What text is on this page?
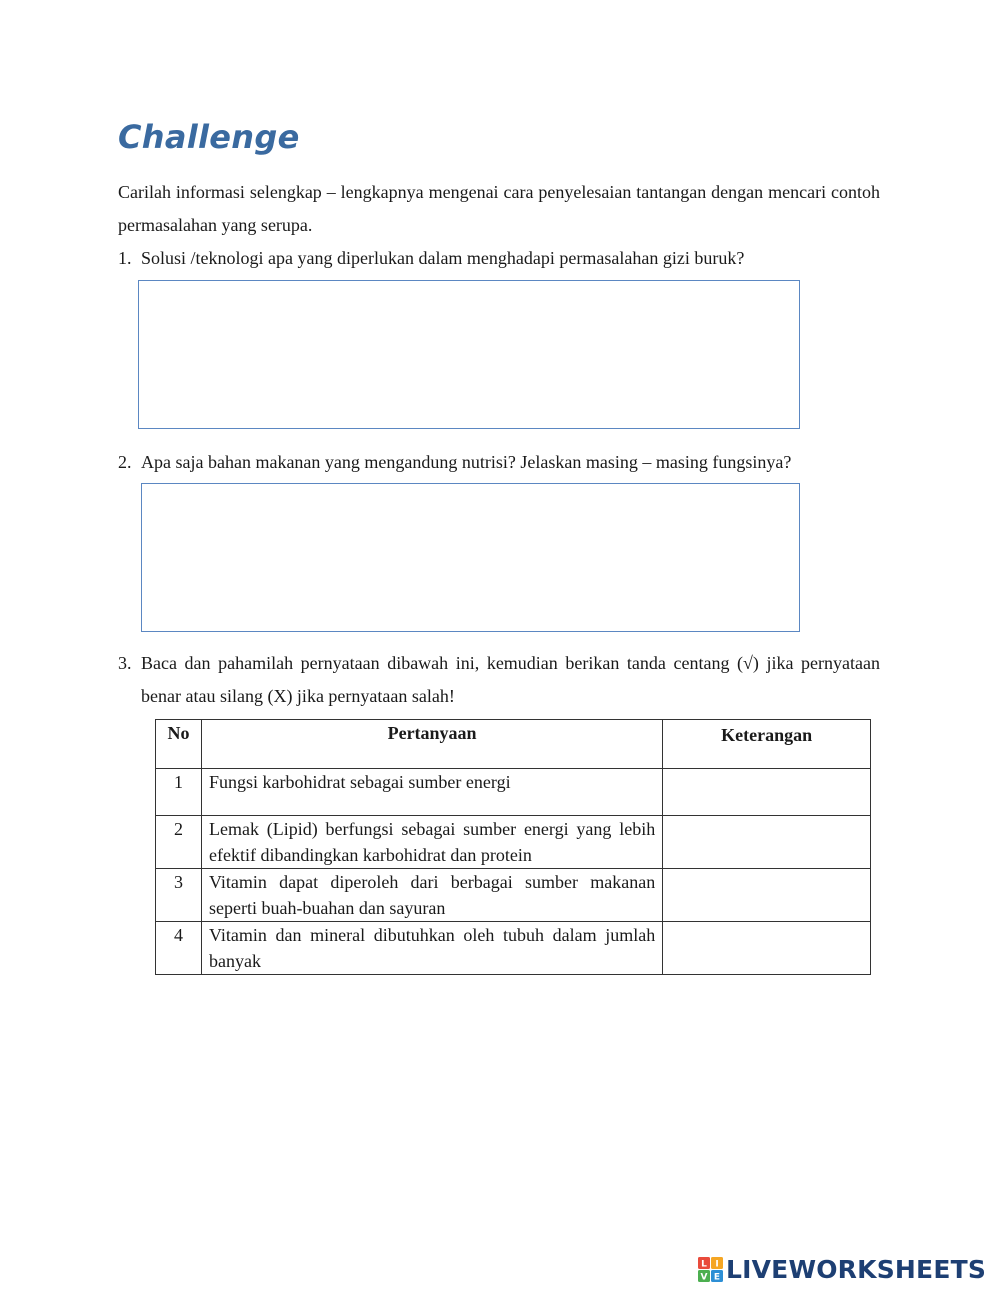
Challenge

Carilah informasi selengkap – lengkapnya mengenai cara penyelesaian tantangan dengan mencari contoh permasalahan yang serupa.

1. Solusi /teknologi apa yang diperlukan dalam menghadapi permasalahan gizi buruk?
2. Apa saja bahan makanan yang mengandung nutrisi? Jelaskan masing – masing fungsinya?
3. Baca dan pahamilah pernyataan dibawah ini, kemudian berikan tanda centang (√) jika pernyataan benar atau silang (X) jika pernyataan salah!
No	Pertanyaan	Keterangan
1	Fungsi karbohidrat sebagai sumber energi	
2	Lemak (Lipid) berfungsi sebagai sumber energi yang lebih efektif dibandingkan karbohidrat dan protein	
3	Vitamin dapat diperoleh dari berbagai sumber makanan seperti buah-buahan dan sayuran	
4	Vitamin dan mineral dibutuhkan oleh tubuh dalam jumlah banyak	
L I
V E LIVEWORKSHEETS
